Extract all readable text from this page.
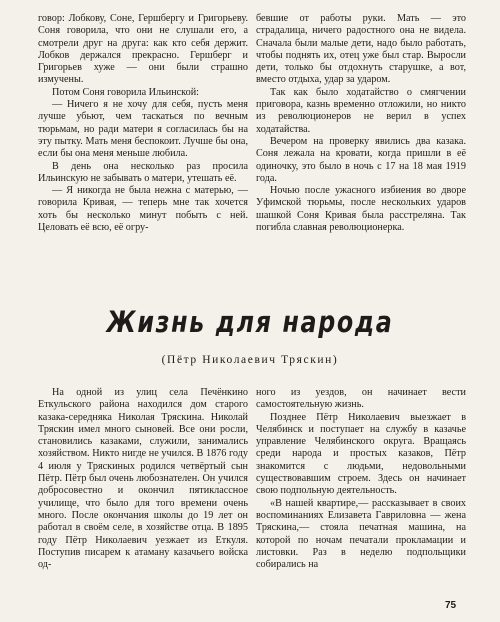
говор: Лобкову, Соне, Гершбергу и Григорьеву. Соня говорила, что они не слушали его, а смотрели друг на друга: как кто себя держит. Лобков держался прекрасно. Гершберг и Григорьев хуже — они были страшно измучены.

Потом Соня говорила Ильинской:

— Ничего я не хочу для себя, пусть меня лучше убьют, чем таскаться по вечным тюрьмам, но ради матери я согласилась бы на эту пытку. Мать меня беспокоит. Лучше бы она, если бы она меня меньше любила.

В день она несколько раз просила Ильинскую не забывать о матери, утешать её.

— Я никогда не была нежна с матерью, — говорила Кривая, — теперь мне так хочется хоть бы несколько минут побыть с ней. Целовать её всю, её огру-

бевшие от работы руки. Мать — это страдалица, ничего радостного она не видела. Сначала были малые дети, надо было работать, чтобы поднять их, отец уже был стар. Выросли дети, только бы отдохнуть старушке, а вот, вместо отдыха, удар за ударом.

Так как было ходатайство о смягчении приговора, казнь временно отложили, но никто из революционеров не верил в успех ходатайства.

Вечером на проверку явились два казака. Соня лежала на кровати, когда пришли в её одиночку, это было в ночь с 17 на 18 мая 1919 года.

Ночью после ужасного избиения во дворе Уфимской тюрьмы, после нескольких ударов шашкой Соня Кривая была расстреляна. Так погибла славная революционерка.

Жизнь для народа
(Пётр Николаевич Тряскин)

На одной из улиц села Печёнкино Еткульского района находился дом старого казака-середняка Николая Тряскина. Николай Тряскин имел много сыновей. Все они росли, становились казаками, служили, занимались хозяйством. Никто нигде не учился. В 1876 году 4 июля у Тряскиных родился четвёртый сын Пётр. Пётр был очень любознателен. Он учился добросовестно и окончил пятиклассное училище, что было для того времени очень много. После окончания школы до 19 лет он работал в своём селе, в хозяйстве отца. В 1895 году Пётр Николаевич уезжает из Еткуля. Поступив писарем к атаману казачьего войска од-

ного из уездов, он начинает вести самостоятельную жизнь.

Позднее Пётр Николаевич выезжает в Челябинск и поступает на службу в казачье управление Челябинского округа. Вращаясь среди народа и простых казаков, Пётр знакомится с людьми, недовольными существовавшим строем. Здесь он начинает свою подпольную деятельность.

«В нашей квартире,— рассказывает в своих воспоминаниях Елизавета Гавриловна — жена Тряскина,— стояла печатная машина, на которой по ночам печатали прокламации и листовки. Раз в неделю подпольщики собирались на

75
